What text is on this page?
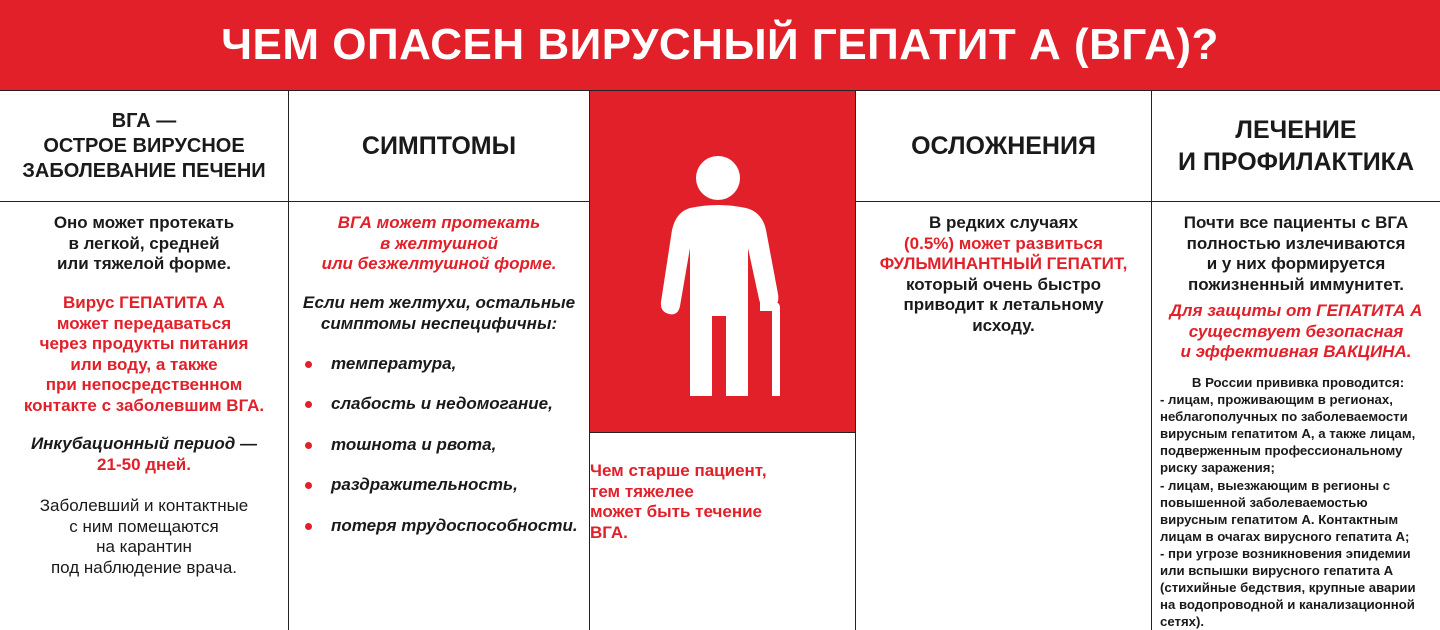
ЧЕМ ОПАСЕН ВИРУСНЫЙ ГЕПАТИТ А (ВГА)?
ВГА —
ОСТРОЕ ВИРУСНОЕ
ЗАБОЛЕВАНИЕ ПЕЧЕНИ
Оно может протекать
в легкой, средней
или тяжелой форме.
Вирус ГЕПАТИТА А
может передаваться
через продукты питания
или воду, а также
при непосредственном
контакте с заболевшим ВГА.
Инкубационный период —
21-50 дней.
Заболевший и контактные
с ним помещаются
на карантин
под наблюдение врача.
СИМПТОМЫ
ВГА может протекать
в желтушной
или безжелтушной форме.
Если нет желтухи, остальные
симптомы неспецифичны:
температура,
слабость и недомогание,
тошнота и рвота,
раздражительность,
потеря трудоспособности.
Чем старше пациент,
тем тяжелее
может быть течение
ВГА.
ОСЛОЖНЕНИЯ
В редких случаях
(0.5%) может развиться
ФУЛЬМИНАНТНЫЙ ГЕПАТИТ,
который очень быстро
приводит к летальному
исходу.
ЛЕЧЕНИЕ
И ПРОФИЛАКТИКА
Почти все пациенты с ВГА
полностью излечиваются
и у них формируется
пожизненный иммунитет.
Для защиты от ГЕПАТИТА А
существует безопасная
и эффективная ВАКЦИНА.
В России прививка проводится:
- лицам, проживающим в регионах,
неблагополучных по заболеваемости
вирусным гепатитом А, а также лицам,
подверженным профессиональному
риску заражения;
- лицам, выезжающим в регионы с
повышенной заболеваемостью
вирусным гепатитом А. Контактным
лицам в очагах вирусного гепатита А;
- при угрозе возникновения эпидемии
или вспышки вирусного гепатита А
(стихийные бедствия, крупные аварии
на водопроводной и канализационной
сетях).
